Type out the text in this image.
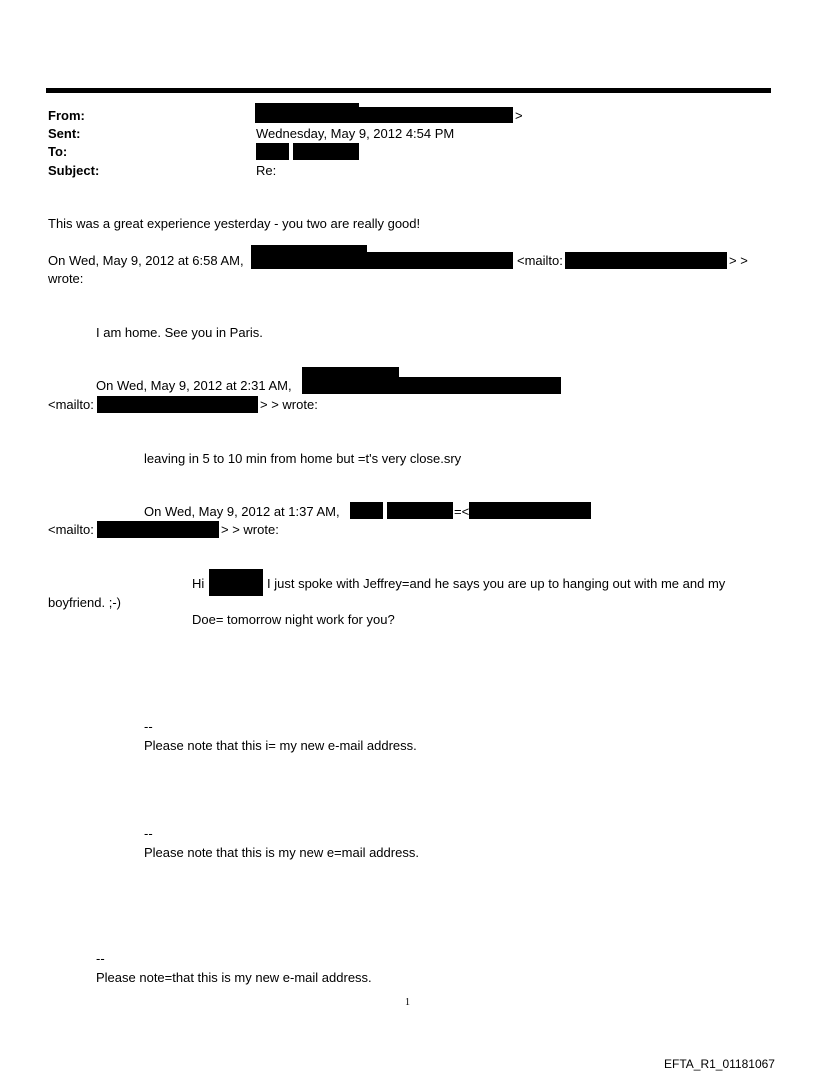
From:	>
Sent:	Wednesday, May 9, 2012 4:54 PM
To:
Subject:	Re:
This was a great experience yesterday - you two are really good!
On Wed, May 9, 2012 at 6:58 AM,	<mailto:	> >
wrote:
I am home. See you in Paris.
On Wed, May 9, 2012 at 2:31 AM,
<mailto:	> > wrote:
leaving in 5 to 10 min from home but =t's very close.sry
On Wed, May 9, 2012 at 1:37 AM,	=<
<mailto:	> > wrote:
Hi	I just spoke with Jeffrey=and he says you are up to hanging out with me and my
boyfriend. ;-)
Doe= tomorrow night work for you?
--
Please note that this i= my new e-mail address.
--
Please note that this is my new e=mail address.
--
Please note=that this is my new e-mail address.
1
EFTA_R1_01181067
